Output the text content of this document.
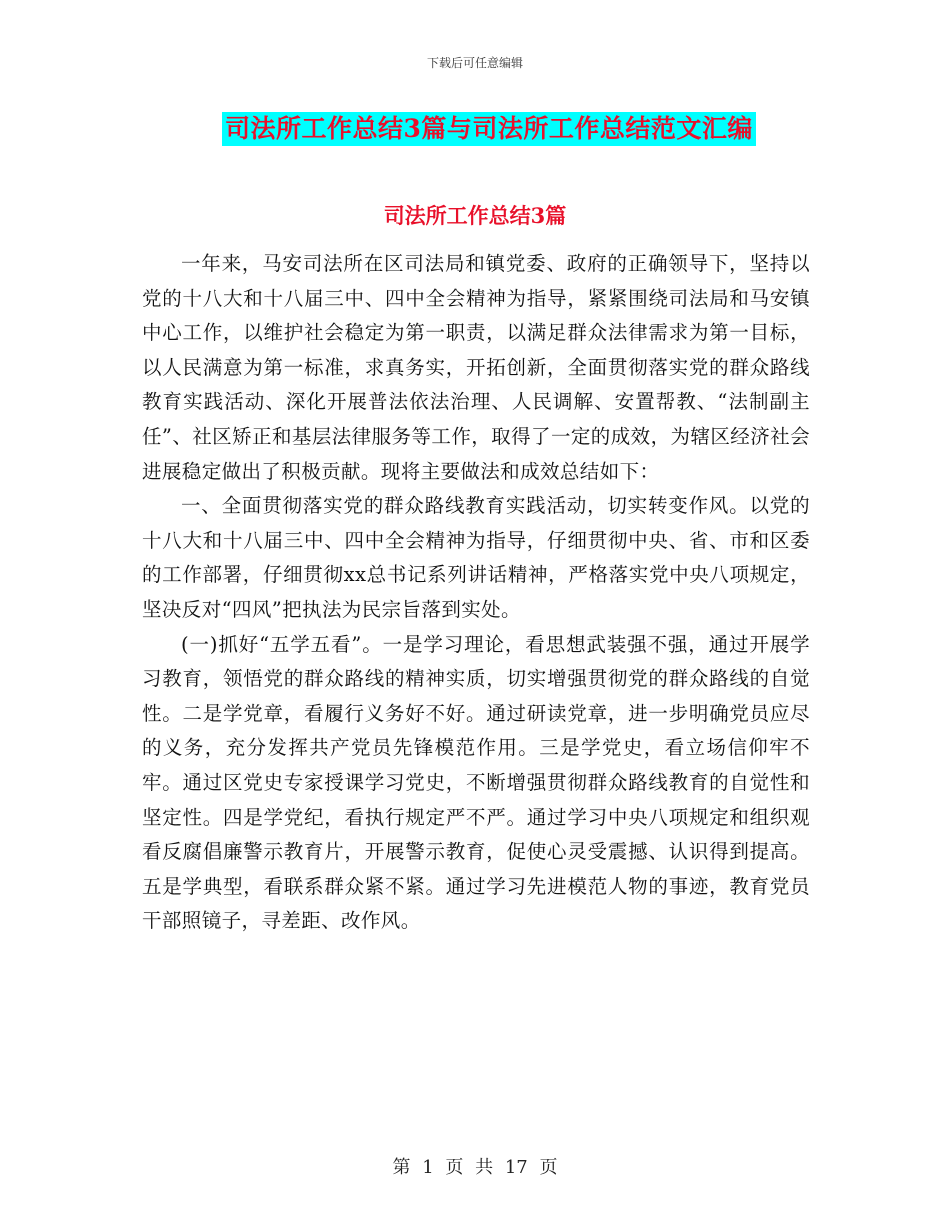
下载后可任意编辑
司法所工作总结3篇与司法所工作总结范文汇编
司法所工作总结3篇

一年来，马安司法所在区司法局和镇党委、政府的正确领导下，坚持以党的十八大和十八届三中、四中全会精神为指导，紧紧围绕司法局和马安镇中心工作，以维护社会稳定为第一职责，以满足群众法律需求为第一目标，以人民满意为第一标准，求真务实，开拓创新，全面贯彻落实党的群众路线教育实践活动、深化开展普法依法治理、人民调解、安置帮教、“法制副主任”、社区矫正和基层法律服务等工作，取得了一定的成效，为辖区经济社会进展稳定做出了积极贡献。现将主要做法和成效总结如下：

一、全面贯彻落实党的群众路线教育实践活动，切实转变作风。以党的十八大和十八届三中、四中全会精神为指导，仔细贯彻中央、省、市和区委的工作部署，仔细贯彻xx总书记系列讲话精神，严格落实党中央八项规定，坚决反对“四风”把执法为民宗旨落到实处。

(一)抓好“五学五看”。一是学习理论，看思想武装强不强，通过开展学习教育，领悟党的群众路线的精神实质，切实增强贯彻党的群众路线的自觉性。二是学党章，看履行义务好不好。通过研读党章，进一步明确党员应尽的义务，充分发挥共产党员先锋模范作用。三是学党史，看立场信仰牢不牢。通过区党史专家授课学习党史，不断增强贯彻群众路线教育的自觉性和坚定性。四是学党纪，看执行规定严不严。通过学习中央八项规定和组织观看反腐倡廉警示教育片，开展警示教育，促使心灵受震撼、认识得到提高。五是学典型，看联系群众紧不紧。通过学习先进模范人物的事迹，教育党员干部照镜子，寻差距、改作风。

第 1 页 共 17 页
